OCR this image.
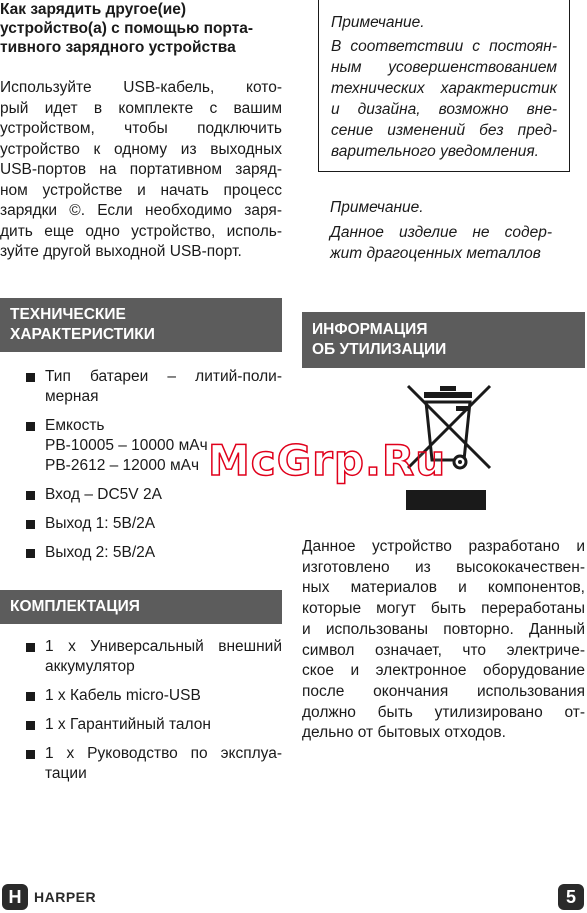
Как зарядить другое(ие)
устройство(а) с помощью порта-
тивного зарядного устройства
Используйте USB-кабель, кото-
рый идет в комплекте с вашим
устройством, чтобы подключить
устройство к одному из выходных
USB-портов на портативном заряд-
ном устройстве и начать процесс
зарядки ©. Если необходимо заря-
дить еще одно устройство, исполь-
зуйте другой выходной USB-порт.
ТЕХНИЧЕСКИЕ
ХАРАКТЕРИСТИКИ
Тип батареи – литий-поли-
мерная
Емкость
PB-10005 – 10000 мАч
PB-2612 – 12000 мАч
Вход – DC5V 2A
Выход 1: 5В/2A
Выход 2: 5В/2A
КОМПЛЕКТАЦИЯ
1 х Универсальный внешний
аккумулятор
1 х Кабель micro-USB
1 х Гарантийный талон
1 х Руководство по эксплуа-
тации
Примечание.
В соответствии с постоян-
ным усовершенствованием
технических характеристик
и дизайна, возможно вне-
сение изменений без пред-
варительного уведомления.
Примечание.
Данное изделие не содер-
жит драгоценных металлов
ИНФОРМАЦИЯ
ОБ УТИЛИЗАЦИИ
Данное устройство разработано и
изготовлено из высококачествен-
ных материалов и компонентов,
которые могут быть переработаны
и использованы повторно. Данный
символ означает, что электриче-
ское и электронное оборудование
после окончания использования
должно быть утилизировано от-
дельно от бытовых отходов.
McGrp.Ru
H HARPER	5
